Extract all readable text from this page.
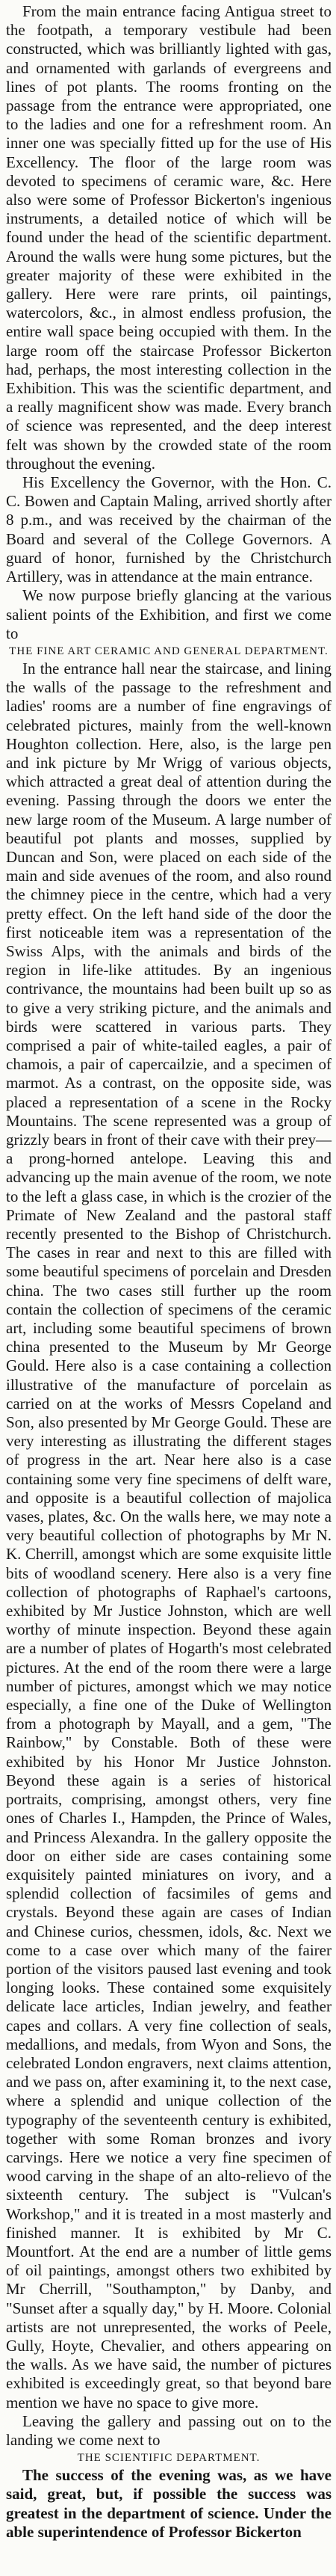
From the main entrance facing Antigua street to the footpath, a temporary vestibule had been constructed, which was brilliantly lighted with gas, and ornamented with garlands of evergreens and lines of pot plants. The rooms fronting on the passage from the entrance were appropriated, one to the ladies and one for a refreshment room. An inner one was specially fitted up for the use of His Excellency. The floor of the large room was devoted to specimens of ceramic ware, &c. Here also were some of Professor Bickerton's ingenious instruments, a detailed notice of which will be found under the head of the scientific department. Around the walls were hung some pictures, but the greater majority of these were exhibited in the gallery. Here were rare prints, oil paintings, watercolors, &c., in almost endless profusion, the entire wall space being occupied with them. In the large room off the staircase Professor Bickerton had, perhaps, the most interesting collection in the Exhibition. This was the scientific department, and a really magnificent show was made. Every branch of science was represented, and the deep interest felt was shown by the crowded state of the room throughout the evening.

His Excellency the Governor, with the Hon. C. C. Bowen and Captain Maling, arrived shortly after 8 p.m., and was received by the chairman of the Board and several of the College Governors. A guard of honor, furnished by the Christchurch Artillery, was in attendance at the main entrance.

We now purpose briefly glancing at the various salient points of the Exhibition, and first we come to

THE FINE ART CERAMIC AND GENERAL DEPARTMENT.

In the entrance hall near the staircase, and lining the walls of the passage to the refreshment and ladies' rooms are a number of fine engravings of celebrated pictures, mainly from the well-known Houghton collection. Here, also, is the large pen and ink picture by Mr Wrigg of various objects, which attracted a great deal of attention during the evening. Passing through the doors we enter the new large room of the Museum. A large number of beautiful pot plants and mosses, supplied by Duncan and Son, were placed on each side of the main and side avenues of the room, and also round the chimney piece in the centre, which had a very pretty effect. On the left hand side of the door the first noticeable item was a representation of the Swiss Alps, with the animals and birds of the region in life-like attitudes. By an ingenious contrivance, the mountains had been built up so as to give a very striking picture, and the animals and birds were scattered in various parts. They comprised a pair of white-tailed eagles, a pair of chamois, a pair of capercailzie, and a specimen of marmot. As a contrast, on the opposite side, was placed a representation of a scene in the Rocky Mountains. The scene represented was a group of grizzly bears in front of their cave with their prey—a prong-horned antelope. Leaving this and advancing up the main avenue of the room, we note to the left a glass case, in which is the crozier of the Primate of New Zealand and the pastoral staff recently presented to the Bishop of Christchurch. The cases in rear and next to this are filled with some beautiful specimens of porcelain and Dresden china. The two cases still further up the room contain the collection of specimens of the ceramic art, including some beautiful specimens of brown china presented to the Museum by Mr George Gould. Here also is a case containing a collection illustrative of the manufacture of porcelain as carried on at the works of Messrs Copeland and Son, also presented by Mr George Gould. These are very interesting as illustrating the different stages of progress in the art. Near here also is a case containing some very fine specimens of delft ware, and opposite is a beautiful collection of majolica vases, plates, &c. On the walls here, we may note a very beautiful collection of photographs by Mr N. K. Cherrill, amongst which are some exquisite little bits of woodland scenery. Here also is a very fine collection of photographs of Raphael's cartoons, exhibited by Mr Justice Johnston, which are well worthy of minute inspection. Beyond these again are a number of plates of Hogarth's most celebrated pictures. At the end of the room there were a large number of pictures, amongst which we may notice especially, a fine one of the Duke of Wellington from a photograph by Mayall, and a gem, "The Rainbow," by Constable. Both of these were exhibited by his Honor Mr Justice Johnston. Beyond these again is a series of historical portraits, comprising, amongst others, very fine ones of Charles I., Hampden, the Prince of Wales, and Princess Alexandra. In the gallery opposite the door on either side are cases containing some exquisitely painted miniatures on ivory, and a splendid collection of facsimiles of gems and crystals. Beyond these again are cases of Indian and Chinese curios, chessmen, idols, &c. Next we come to a case over which many of the fairer portion of the visitors paused last evening and took longing looks. These contained some exquisitely delicate lace articles, Indian jewelry, and feather capes and collars. A very fine collection of seals, medallions, and medals, from Wyon and Sons, the celebrated London engravers, next claims attention, and we pass on, after examining it, to the next case, where a splendid and unique collection of the typography of the seventeenth century is exhibited, together with some Roman bronzes and ivory carvings. Here we notice a very fine specimen of wood carving in the shape of an alto-relievo of the sixteenth century. The subject is "Vulcan's Workshop," and it is treated in a most masterly and finished manner. It is exhibited by Mr C. Mountfort. At the end are a number of little gems of oil paintings, amongst others two exhibited by Mr Cherrill, "Southampton," by Danby, and "Sunset after a squally day," by H. Moore. Colonial artists are not unrepresented, the works of Peele, Gully, Hoyte, Chevalier, and others appearing on the walls. As we have said, the number of pictures exhibited is exceedingly great, so that beyond bare mention we have no space to give more.

Leaving the gallery and passing out on to the landing we come next to

THE SCIENTIFIC DEPARTMENT.

The success of the evening was, as we have said, great, but, if possible the success was greatest in the department of science. Under the able superintendence of Professor Bickerton
